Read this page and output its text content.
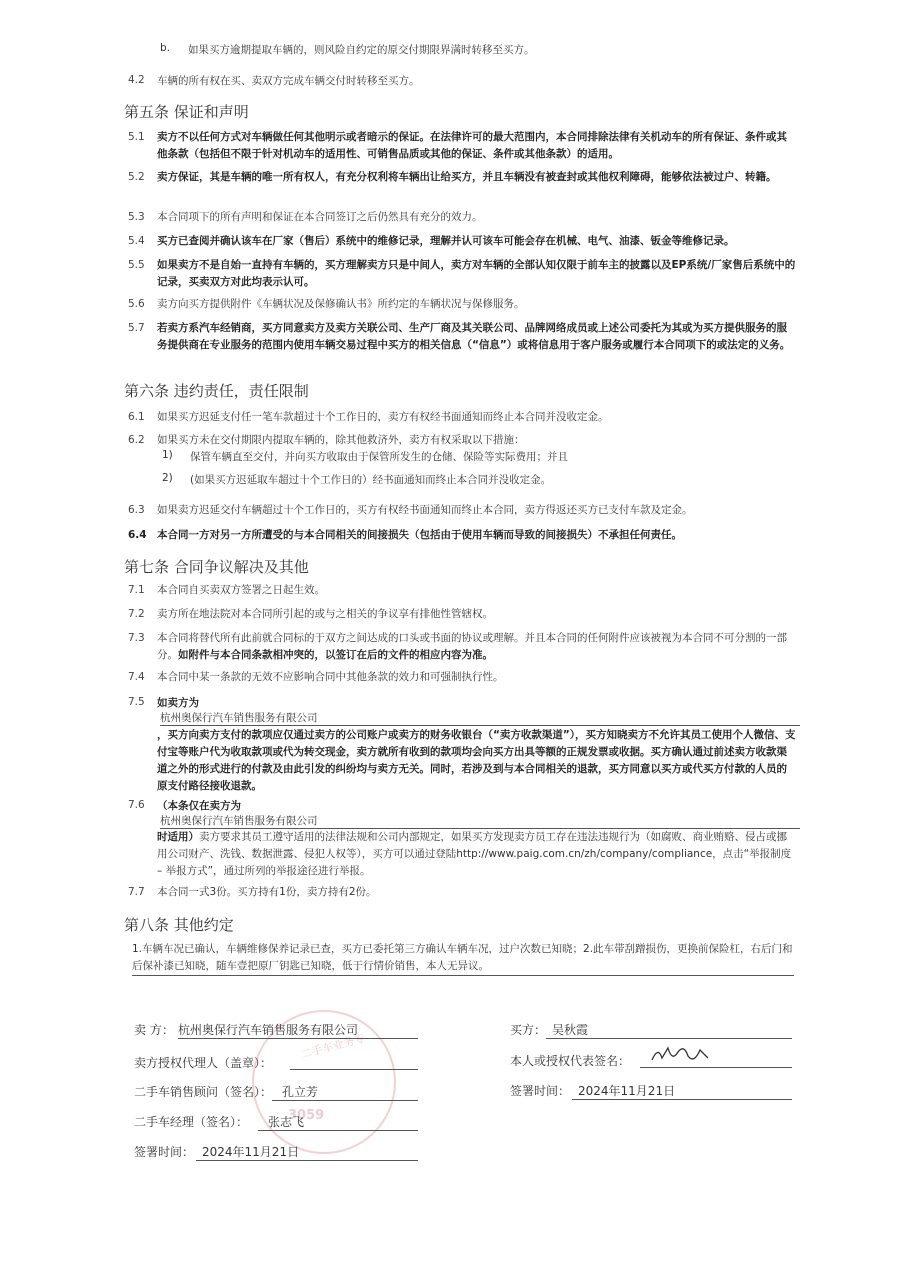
b. 如果买方逾期提取车辆的，则风险自约定的原交付期限界满时转移至买方。
4.2 车辆的所有权在买、卖双方完成车辆交付时转移至买方。
第五条 保证和声明
5.1 卖方不以任何方式对车辆做任何其他明示或者暗示的保证。在法律许可的最大范围内，本合同排除法律有关机动车的所有保证、条件或其他条款（包括但不限于针对机动车的适用性、可销售品质或其他的保证、条件或其他条款）的适用。
5.2 卖方保证，其是车辆的唯一所有权人，有充分权利将车辆出让给买方，并且车辆没有被查封或其他权利障碍，能够依法被过户、转籍。
5.3 本合同项下的所有声明和保证在本合同签订之后仍然具有充分的效力。
5.4 买方已查阅并确认该车在厂家（售后）系统中的维修记录，理解并认可该车可能会存在机械、电气、油漆、钣金等维修记录。
5.5 如果卖方不是自始一直持有车辆的，买方理解卖方只是中间人，卖方对车辆的全部认知仅限于前车主的披露以及EP系统/厂家售后系统中的记录，买卖双方对此均表示认可。
5.6 卖方向买方提供附件《车辆状况及保修确认书》所约定的车辆状况与保修服务。
5.7 若卖方系汽车经销商，买方同意卖方及卖方关联公司、生产厂商及其关联公司、品牌网络成员或上述公司委托为其或为买方提供服务的服务提供商在专业服务的范围内使用车辆交易过程中买方的相关信息（“信息”）或将信息用于客户服务或履行本合同项下的或法定的义务。
第六条 违约责任，责任限制
6.1 如果买方迟延支付任一笔车款超过十个工作日的，卖方有权经书面通知而终止本合同并没收定金。
6.2 如果买方未在交付期限内提取车辆的，除其他救济外，卖方有权采取以下措施：
1) 保管车辆直至交付，并向买方收取由于保管所发生的仓储、保险等实际费用；并且
2) (如果买方迟延取车超过十个工作日的）经书面通知而终止本合同并没收定金。
6.3 如果卖方迟延交付车辆超过十个工作日的，买方有权经书面通知而终止本合同，卖方得返还买方已支付车款及定金。
6.4 本合同一方对另一方所遭受的与本合同相关的间接损失（包括由于使用车辆而导致的间接损失）不承担任何责任。
第七条 合同争议解决及其他
7.1 本合同自买卖双方签署之日起生效。
7.2 卖方所在地法院对本合同所引起的或与之相关的争议享有排他性管辖权。
7.3 本合同将替代所有此前就合同标的于双方之间达成的口头或书面的协议或理解。并且本合同的任何附件应该被视为本合同不可分割的一部分。如附件与本合同条款相冲突的，以签订在后的文件的相应内容为准。
7.4 本合同中某一条款的无效不应影响合同中其他条款的效力和可强制执行性。
7.5 如卖方为
杭州奥保行汽车销售服务有限公司
，买方向卖方支付的款项应仅通过卖方的公司账户或卖方的财务收银台（“卖方收款渠道”），买方知晓卖方不允许其员工使用个人微信、支付宝等账户代为收取款项或代为转交现金，卖方就所有收到的款项均会向买方出具等额的正规发票或收据。买方确认通过前述卖方收款渠道之外的形式进行的付款及由此引发的纠纷均与卖方无关。同时，若涉及到与本合同相关的退款，买方同意以买方或代买方付款的人员的原支付路径接收退款。
7.6 （本条仅在卖方为
杭州奥保行汽车销售服务有限公司
时适用）卖方要求其员工遵守适用的法律法规和公司内部规定，如果买方发现卖方员工存在违法违规行为（如腐败、商业贿赂、侵占或挪用公司财产、洗钱、数据泄露、侵犯人权等），买方可以通过登陆http://www.paig.com.cn/zh/company/compliance，点击“举报制度 – 举报方式”，通过所列的举报途径进行举报。
7.7 本合同一式3份。买方持有1份，卖方持有2份。
第八条 其他约定
1.车辆车况已确认，车辆维修保养记录已查，买方已委托第三方确认车辆车况，过户次数已知晓；2.此车带刮蹭损伤，更换前保险杠，右后门和后保补漆已知晓，随车壹把原厂钥匙已知晓，低于行情价销售，本人无异议。
二手车业务专
3059
卖 方： 杭州奥保行汽车销售服务有限公司
卖方授权代理人（盖章）：
二手车销售顾问（签名）： 孔立芳
二手车经理（签名）：	张志飞
签署时间： 2024年11月21日
买方： 吴秋霞
本人或授权代表签名：
签署时间： 2024年11月21日
